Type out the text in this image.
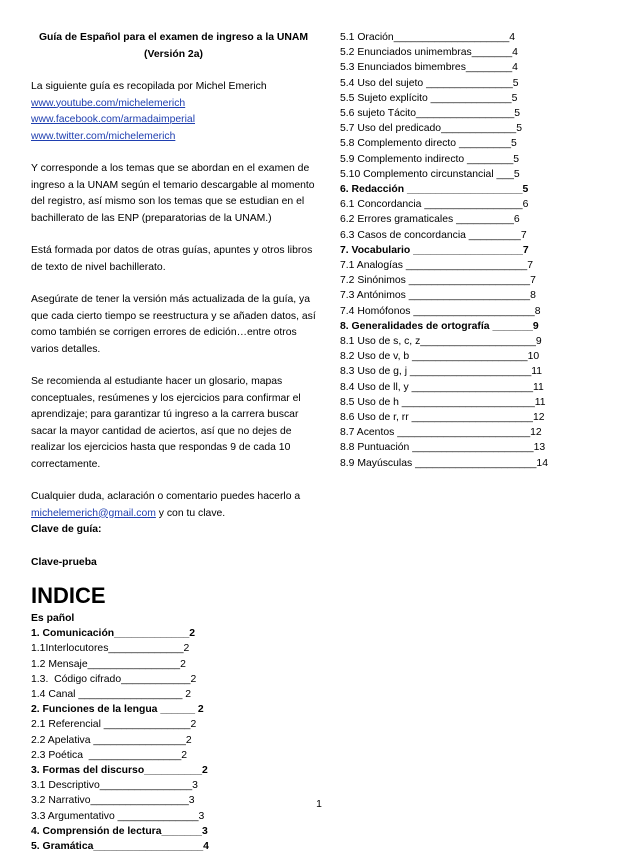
Guía de Español para el examen de ingreso a la UNAM
(Versión 2a)

La siguiente guía es recopilada por Michel Emerich

www.youtube.com/michelemerich
www.facebook.com/armadaimperial
www.twitter.com/michelemerich

Y corresponde a los temas que se abordan en el examen de ingreso a la UNAM según el temario descargable al momento del registro, así mismo son los temas que se estudian en el bachillerato de las ENP (preparatorias de la UNAM.)

Está formada por datos de otras guías, apuntes y otros libros de texto de nivel bachillerato.

Asegúrate de tener la versión más actualizada de la guía, ya que cada cierto tiempo se reestructura y se añaden datos, así como también se corrigen errores de edición…entre otros varios detalles.

Se recomienda al estudiante hacer un glosario, mapas conceptuales, resúmenes y los ejercicios para confirmar el aprendizaje; para garantizar tú ingreso a la carrera buscar sacar la mayor cantidad de aciertos, así que no dejes de realizar los ejercicios hasta que respondas 9 de cada 10 correctamente.

Cualquier duda, aclaración o comentario puedes hacerlo a michelemerich@gmail.com y con tu clave.

Clave de guía:

Clave-prueba

INDICE

Es pañol

1. Comunicación_____________2
1.1Interlocutores_____________2
1.2 Mensaje________________2
1.3.  Código cifrado____________2
1.4 Canal __________________ 2
2. Funciones de la lengua ______ 2
2.1 Referencial _______________2
2.2 Apelativa ________________2
2.3 Poética  ________________2
3. Formas del discurso__________2
3.1 Descriptivo________________3
3.2 Narrativo_________________3
3.3 Argumentativo ______________3
4. Comprensión de lectura_______3
5. Gramática___________________4
5.1 Oración____________________4
5.2 Enunciados unimembras_______4
5.3 Enunciados bimembres________4
5.4 Uso del sujeto _______________5
5.5 Sujeto explícito ______________5
5.6 sujeto Tácito_________________5
5.7 Uso del predicado_____________5
5.8 Complemento directo _________5
5.9 Complemento indirecto ________5
5.10 Complemento circunstancial ___5
6. Redacción ____________________5
6.1 Concordancia _________________6
6.2 Errores gramaticales __________6
6.3 Casos de concordancia _________7
7. Vocabulario ___________________7
7.1 Analogías _____________________7
7.2 Sinónimos _____________________7
7.3 Antónimos _____________________8
7.4 Homófonos _____________________8
8. Generalidades de ortografía _______9
8.1 Uso de s, c, z____________________9
8.2 Uso de v, b ____________________10
8.3 Uso de g, j _____________________11
8.4 Uso de ll, y _____________________11
8.5 Uso de h _______________________11
8.6 Uso de r, rr _____________________12
8.7 Acentos _______________________12
8.8 Puntuación _____________________13
8.9 Mayúsculas _____________________14
1
